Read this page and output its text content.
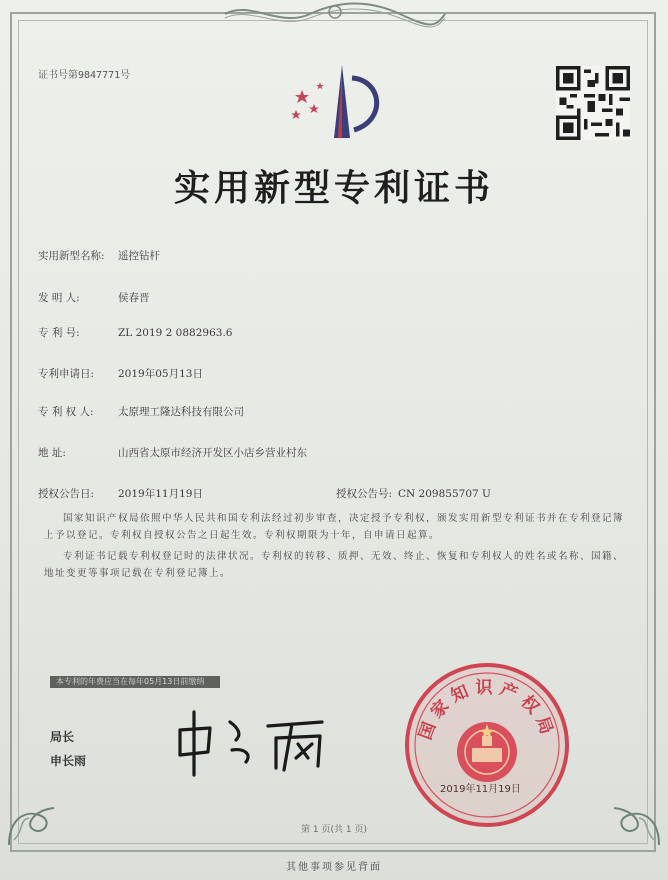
证书号第9847771号
实用新型专利证书
实用新型名称: 遥控钻杆
发 明 人:	侯春晋
专 利 号:	ZL 2019 2 0882963.6
专利申请日: 2019年05月13日
专 利 权 人: 太原理工隆达科技有限公司
地 址:	山西省太原市经济开发区小店乡营业村东
授权公告日: 2019年11月19日	授权公告号: CN 209855707 U

国家知识产权局依照中华人民共和国专利法经过初步审查，决定授予专利权，颁发实用新型专利证书并在专利登记簿上予以登记。专利权自授权公告之日起生效。专利权期限为十年，自申请日起算。

专利证书记载专利权登记时的法律状况。专利权的转移、质押、无效、终止、恢复和专利权人的姓名或名称、国籍、地址变更等事项记载在专利登记簿上。

本专利的年费应当在每年05月13日前缴纳
局长
申长雨
国家知识产权局
2019年11月19日
第 1 页(共 1 页)
其他事项参见背面
